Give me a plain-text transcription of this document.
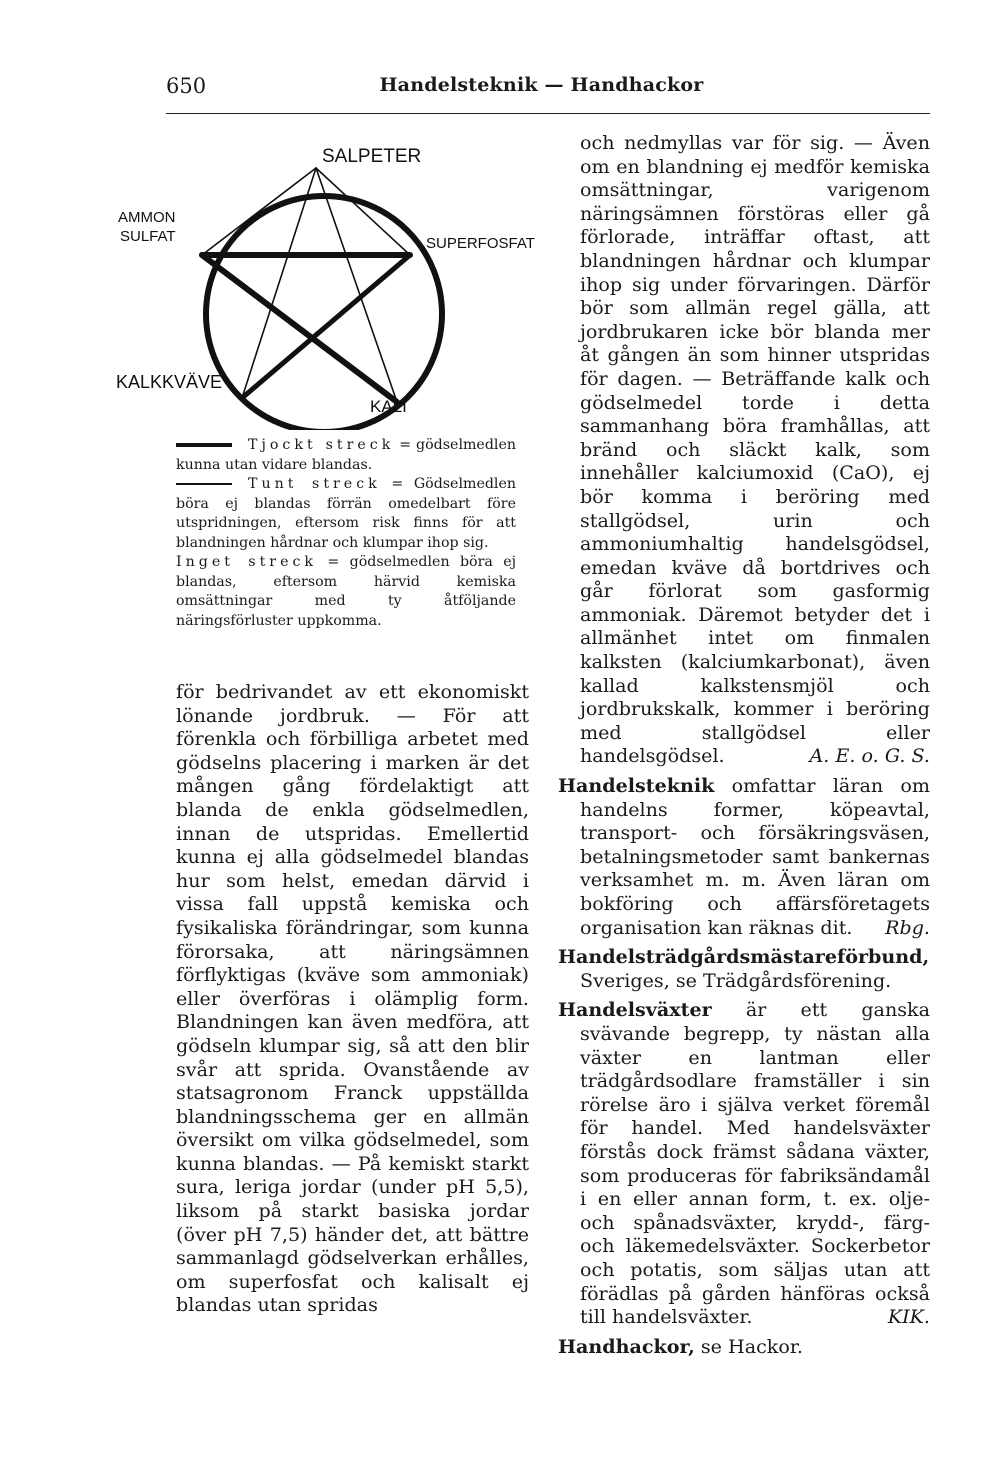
650	Handelsteknik — Handhackor
SALPETER
AMMON
SULFAT	SUPERFOSFAT
KALKKVÄVE
KALI

Tjockt streck = gödselmedlen kunna utan vidare blandas.

Tunt streck = Gödselmedlen böra ej blandas förrän omedelbart före utspridningen, eftersom risk finns för att blandningen hårdnar och klumpar ihop sig.

Inget streck = gödselmedlen böra ej blandas, eftersom härvid kemiska omsättningar med ty åtföljande näringsförluster uppkomma.

för bedrivandet av ett ekonomiskt lönande jordbruk. — För att förenkla och förbilliga arbetet med gödselns placering i marken är det mången gång fördelaktigt att blanda de enkla gödselmedlen, innan de utspridas. Emellertid kunna ej alla gödselmedel blandas hur som helst, emedan därvid i vissa fall uppstå kemiska och fysikaliska förändringar, som kunna förorsaka, att näringsämnen förflyktigas (kväve som ammoniak) eller överföras i olämplig form. Blandningen kan även medföra, att gödseln klumpar sig, så att den blir svår att sprida. Ovanstående av statsagronom Franck uppställda blandningsschema ger en allmän översikt om vilka gödselmedel, som kunna blandas. — På kemiskt starkt sura, leriga jordar (under pH 5,5), liksom på starkt basiska jordar (över pH 7,5) händer det, att bättre sammanlagd gödselverkan erhålles, om superfosfat och kalisalt ej blandas utan spridas

och nedmyllas var för sig. — Även om en blandning ej medför kemiska omsättningar, varigenom näringsämnen förstöras eller gå förlorade, inträffar oftast, att blandningen hårdnar och klumpar ihop sig under förvaringen. Därför bör som allmän regel gälla, att jordbrukaren icke bör blanda mer åt gången än som hinner utspridas för dagen. — Beträffande kalk och gödselmedel torde i detta sammanhang böra framhållas, att bränd och släckt kalk, som innehåller kalciumoxid (CaO), ej bör komma i beröring med stallgödsel, urin och ammoniumhaltig handelsgödsel, emedan kväve då bortdrives och går förlorat som gasformig ammoniak. Däremot betyder det i allmänhet intet om finmalen kalksten (kalciumkarbonat), även kallad kalkstensmjöl och jordbrukskalk, kommer i beröring med stallgödsel eller handelsgödsel.	A. E. o. G. S.

Handelsteknik omfattar läran om handelns former, köpeavtal, transport- och försäkringsväsen, betalningsmetoder samt bankernas verksamhet m. m. Även läran om bokföring och affärsföretagets organisation kan räknas dit. Rbg.

Handelsträdgårdsmästareförbund, Sveriges, se Trädgårdsförening.

Handelsväxter är ett ganska svävande begrepp, ty nästan alla växter en lantman eller trädgårdsodlare framställer i sin rörelse äro i själva verket föremål för handel. Med handelsväxter förstås dock främst sådana växter, som produceras för fabriksändamål i en eller annan form, t. ex. olje- och spånadsväxter, krydd-, färg- och läkemedelsväxter. Sockerbetor och potatis, som säljas utan att förädlas på gården hänföras också till handelsväxter.	KIK.

Handhackor, se Hackor.
